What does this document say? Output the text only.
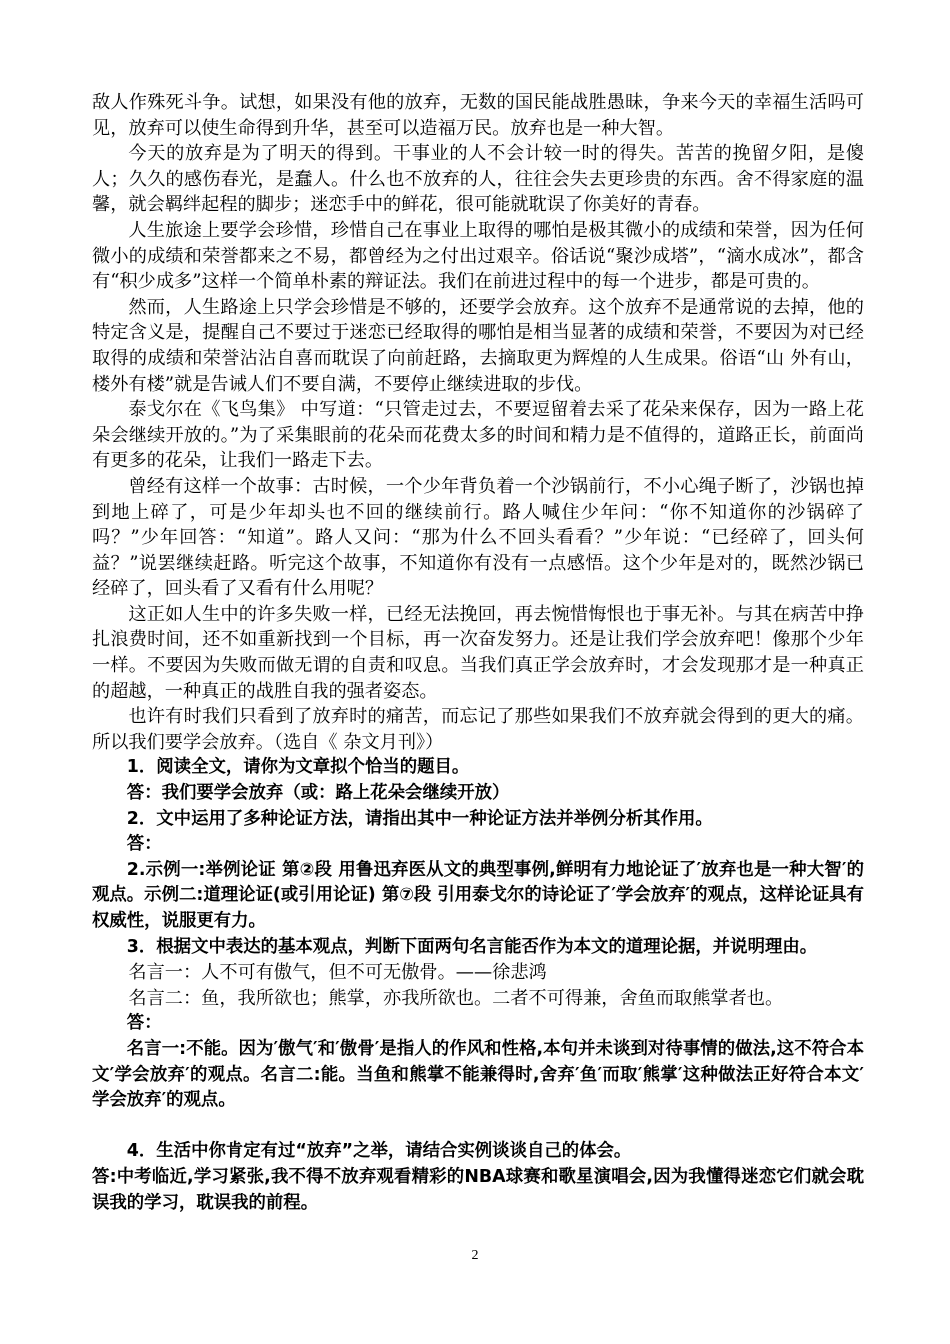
敌人作殊死斗争。试想，如果没有他的放弃，无数的国民能战胜愚昧，争来今天的幸福生活吗可见，放弃可以使生命得到升华，甚至可以造福万民。放弃也是一种大智。

今天的放弃是为了明天的得到。干事业的人不会计较一时的得失。苦苦的挽留夕阳，是傻人；久久的感伤春光，是蠢人。什么也不放弃的人，往往会失去更珍贵的东西。舍不得家庭的温馨，就会羁绊起程的脚步；迷恋手中的鲜花，很可能就耽误了你美好的青春。

人生旅途上要学会珍惜，珍惜自己在事业上取得的哪怕是极其微小的成绩和荣誉，因为任何微小的成绩和荣誉都来之不易，都曾经为之付出过艰辛。俗话说“聚沙成塔”，“滴水成冰”，都含有“积少成多”这样一个简单朴素的辩证法。我们在前进过程中的每一个进步，都是可贵的。

然而，人生路途上只学会珍惜是不够的，还要学会放弃。这个放弃不是通常说的去掉，他的特定含义是，提醒自己不要过于迷恋已经取得的哪怕是相当显著的成绩和荣誉，不要因为对已经取得的成绩和荣誉沾沾自喜而耽误了向前赶路，去摘取更为辉煌的人生成果。俗语“山 外有山，楼外有楼”就是告诫人们不要自满，不要停止继续进取的步伐。

泰戈尔在《飞鸟集》 中写道：“只管走过去，不要逗留着去采了花朵来保存，因为一路上花朵会继续开放的。”为了采集眼前的花朵而花费太多的时间和精力是不值得的，道路正长，前面尚有更多的花朵，让我们一路走下去。

曾经有这样一个故事：古时候，一个少年背负着一个沙锅前行，不小心绳子断了，沙锅也掉到地上碎了，可是少年却头也不回的继续前行。路人喊住少年问：“你不知道你的沙锅碎了吗？”少年回答：“知道”。路人又问：“那为什么不回头看看？”少年说：“已经碎了，回头何益？”说罢继续赶路。听完这个故事，不知道你有没有一点感悟。这个少年是对的，既然沙锅已经碎了，回头看了又看有什么用呢？

这正如人生中的许多失败一样，已经无法挽回，再去惋惜悔恨也于事无补。与其在病苦中挣扎浪费时间，还不如重新找到一个目标，再一次奋发努力。还是让我们学会放弃吧！像那个少年一样。不要因为失败而做无谓的自责和叹息。当我们真正学会放弃时，才会发现那才是一种真正的超越，一种真正的战胜自我的强者姿态。

也许有时我们只看到了放弃时的痛苦，而忘记了那些如果我们不放弃就会得到的更大的痛。所以我们要学会放弃。（选自《 杂文月刊》）

1．阅读全文，请你为文章拟个恰当的题目。

答：我们要学会放弃（或：路上花朵会继续开放）

2．文中运用了多种论证方法，请指出其中一种论证方法并举例分析其作用。

答：

2.示例一:举例论证 第②段 用鲁迅弃医从文的典型事例,鲜明有力地论证了′放弃也是一种大智′的观点。示例二:道理论证(或引用论证) 第⑦段 引用泰戈尔的诗论证了′学会放弃′的观点，这样论证具有权威性，说服更有力。

3．根据文中表达的基本观点，判断下面两句名言能否作为本文的道理论据，并说明理由。

名言一：人不可有傲气，但不可无傲骨。——徐悲鸿

名言二：鱼，我所欲也；熊掌，亦我所欲也。二者不可得兼，舍鱼而取熊掌者也。

答：

名言一:不能。因为′傲气′和′傲骨′是指人的作风和性格,本句并未谈到对待事情的做法,这不符合本文′学会放弃′的观点。名言二:能。当鱼和熊掌不能兼得时,舍弃′鱼′而取′熊掌′这种做法正好符合本文′学会放弃′的观点。

4．生活中你肯定有过“放弃”之举，请结合实例谈谈自己的体会。

答:中考临近,学习紧张,我不得不放弃观看精彩的NBA球赛和歌星演唱会,因为我懂得迷恋它们就会耽误我的学习，耽误我的前程。

2
